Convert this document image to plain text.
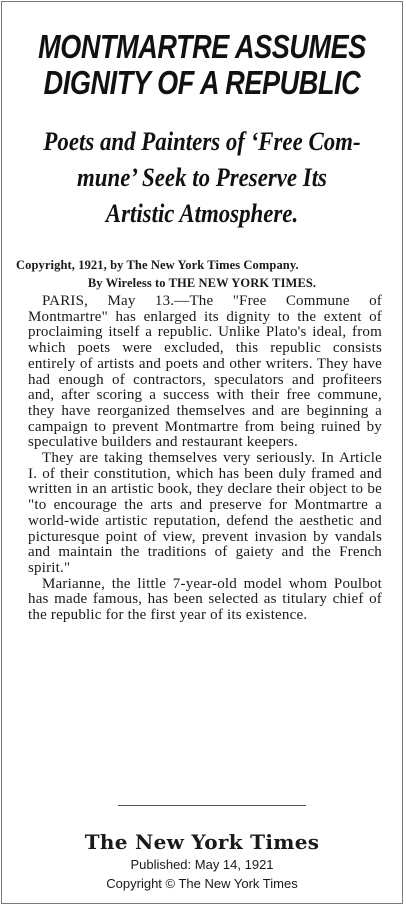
MONTMARTRE ASSUMES
DIGNITY OF A REPUBLIC
Poets and Painters of ‘Free Com-
mune’ Seek to Preserve Its
Artistic Atmosphere.
Copyright, 1921, by The New York Times Company.
By Wireless to THE NEW YORK TIMES.

PARIS, May 13.—The "Free Commune of Montmartre" has enlarged its dignity to the extent of proclaiming itself a republic. Unlike Plato's ideal, from which poets were excluded, this republic consists entirely of artists and poets and other writers. They have had enough of contractors, speculators and profiteers and, after scoring a success with their free commune, they have reorganized themselves and are beginning a campaign to prevent Montmartre from being ruined by speculative builders and restaurant keepers.

They are taking themselves very seriously. In Article I. of their constitution, which has been duly framed and written in an artistic book, they declare their object to be "to encourage the arts and preserve for Montmartre a world-wide artistic reputation, defend the aesthetic and picturesque point of view, prevent invasion by vandals and maintain the traditions of gaiety and the French spirit."

Marianne, the little 7-year-old model whom Poulbot has made famous, has been selected as titulary chief of the republic for the first year of its existence.

The New York Times
Published: May 14, 1921
Copyright © The New York Times
